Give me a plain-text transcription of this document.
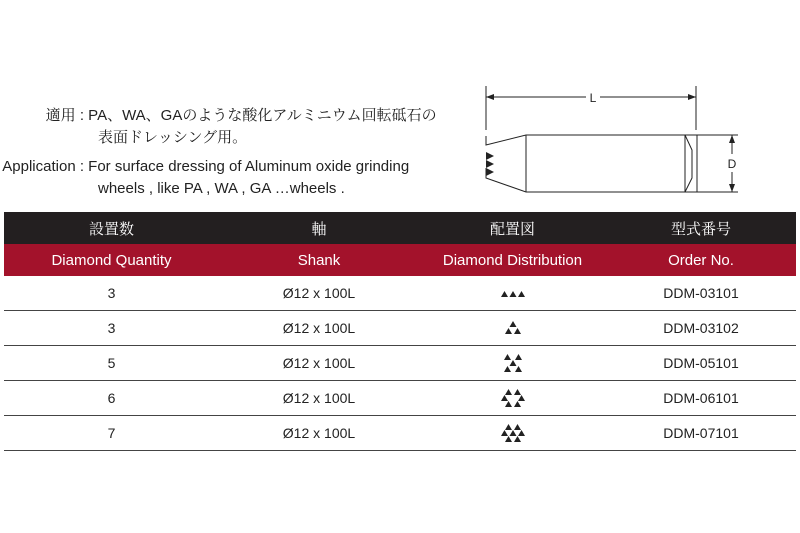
適用 : PA、WA、GAのような酸化アルミニウム回転砥石の
表面ドレッシング用。
Application : For surface dressing of Aluminum oxide grinding
wheels , like PA , WA , GA …wheels .
L
D
設置数	軸	配置図	型式番号
Diamond Quantity	Shank	Diamond Distribution	Order No.
3	Ø12 x 100L		DDM-03101
3	Ø12 x 100L		DDM-03102
5	Ø12 x 100L		DDM-05101
6	Ø12 x 100L		DDM-06101
7	Ø12 x 100L		DDM-07101
